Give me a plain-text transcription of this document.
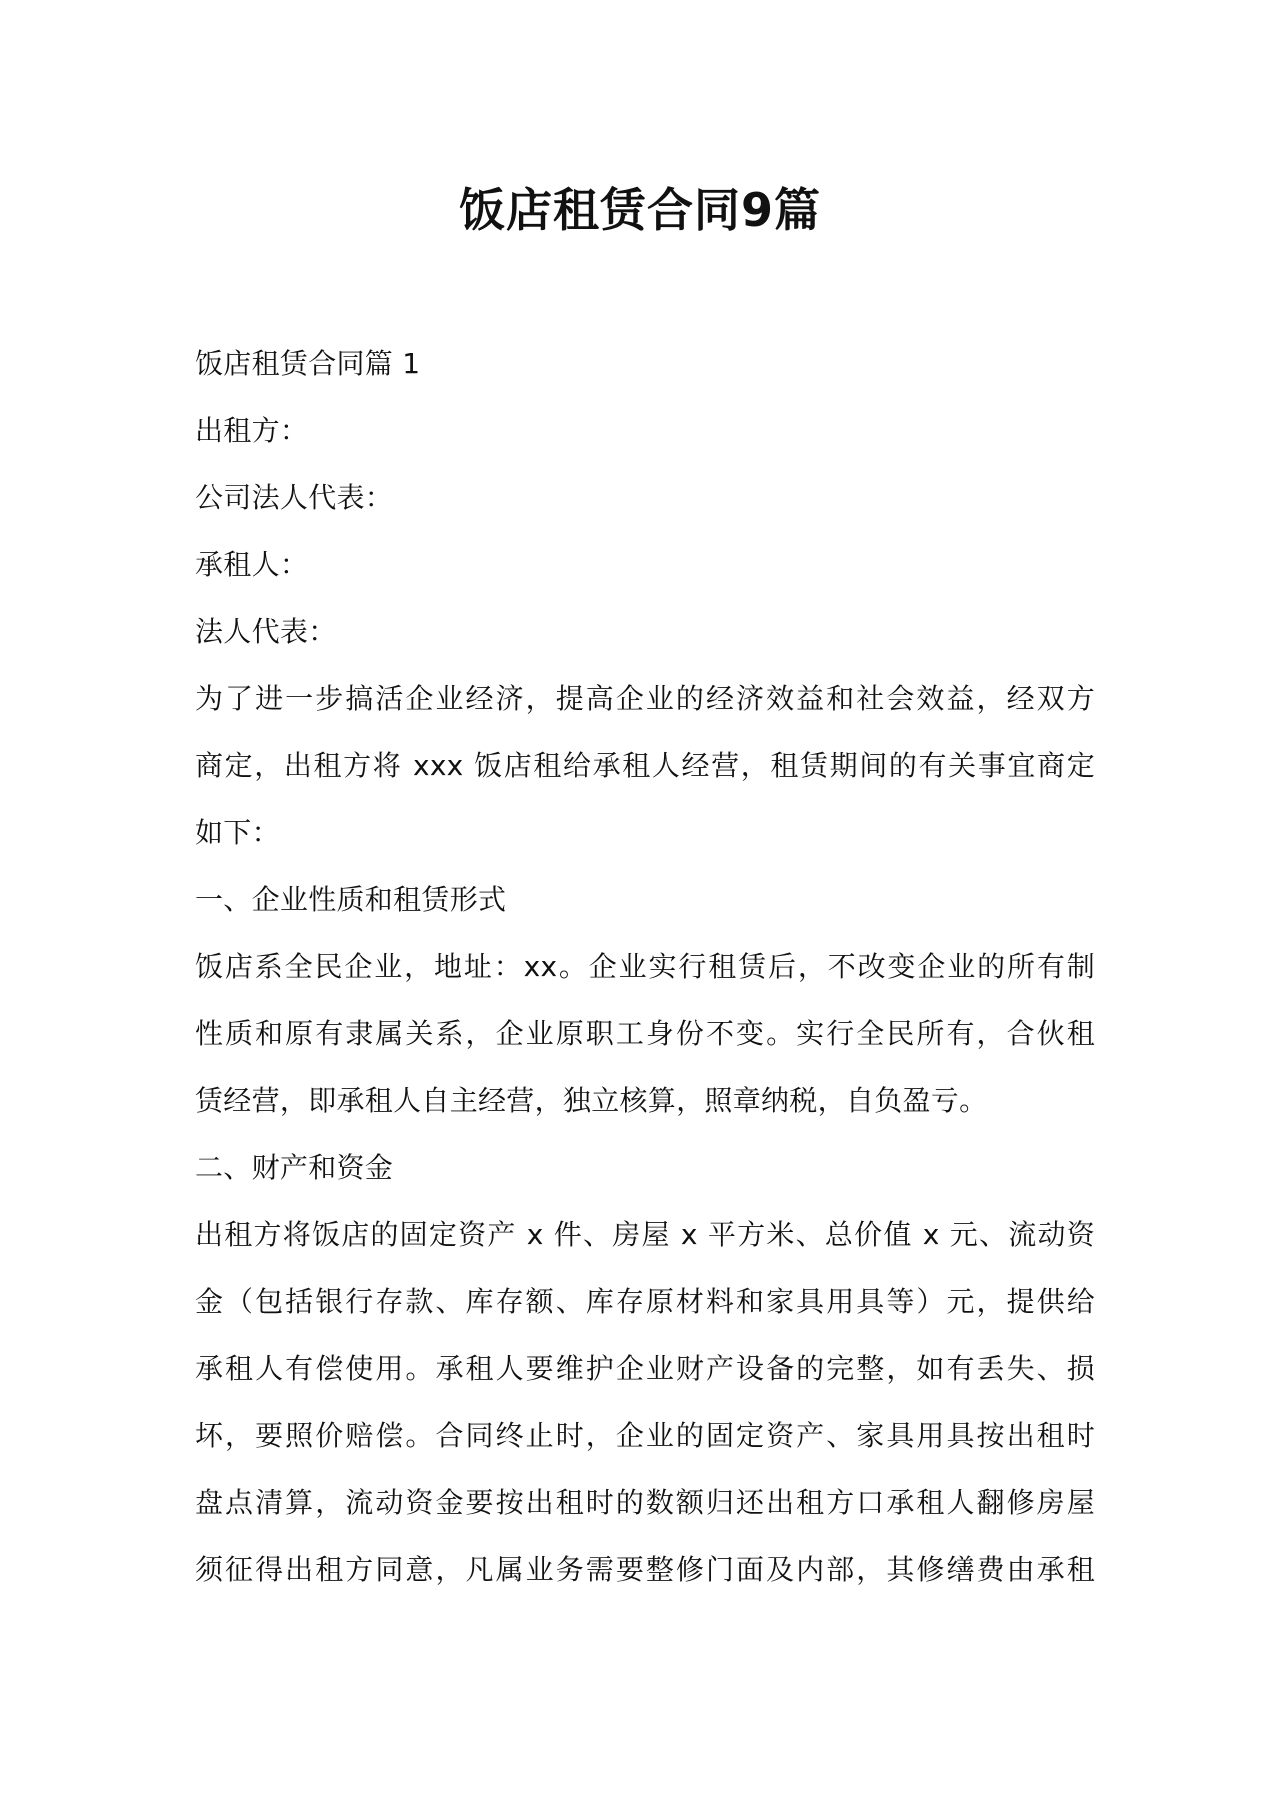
饭店租赁合同9篇

饭店租赁合同篇 1

出租方：

公司法人代表：

承租人：

法人代表：

为了进一步搞活企业经济，提高企业的经济效益和社会效益，经双方

商定，出租方将 xxx 饭店租给承租人经营，租赁期间的有关事宜商定

如下：

一、企业性质和租赁形式

饭店系全民企业，地址：xx。企业实行租赁后，不改变企业的所有制

性质和原有隶属关系，企业原职工身份不变。实行全民所有，合伙租

赁经营，即承租人自主经营，独立核算，照章纳税，自负盈亏。

二、财产和资金

出租方将饭店的固定资产 x 件、房屋 x 平方米、总价值 x 元、流动资

金（包括银行存款、库存额、库存原材料和家具用具等）元，提供给

承租人有偿使用。承租人要维护企业财产设备的完整，如有丢失、损

坏，要照价赔偿。合同终止时，企业的固定资产、家具用具按出租时

盘点清算，流动资金要按出租时的数额归还出租方口承租人翻修房屋

须征得出租方同意，凡属业务需要整修门面及内部，其修缮费由承租
